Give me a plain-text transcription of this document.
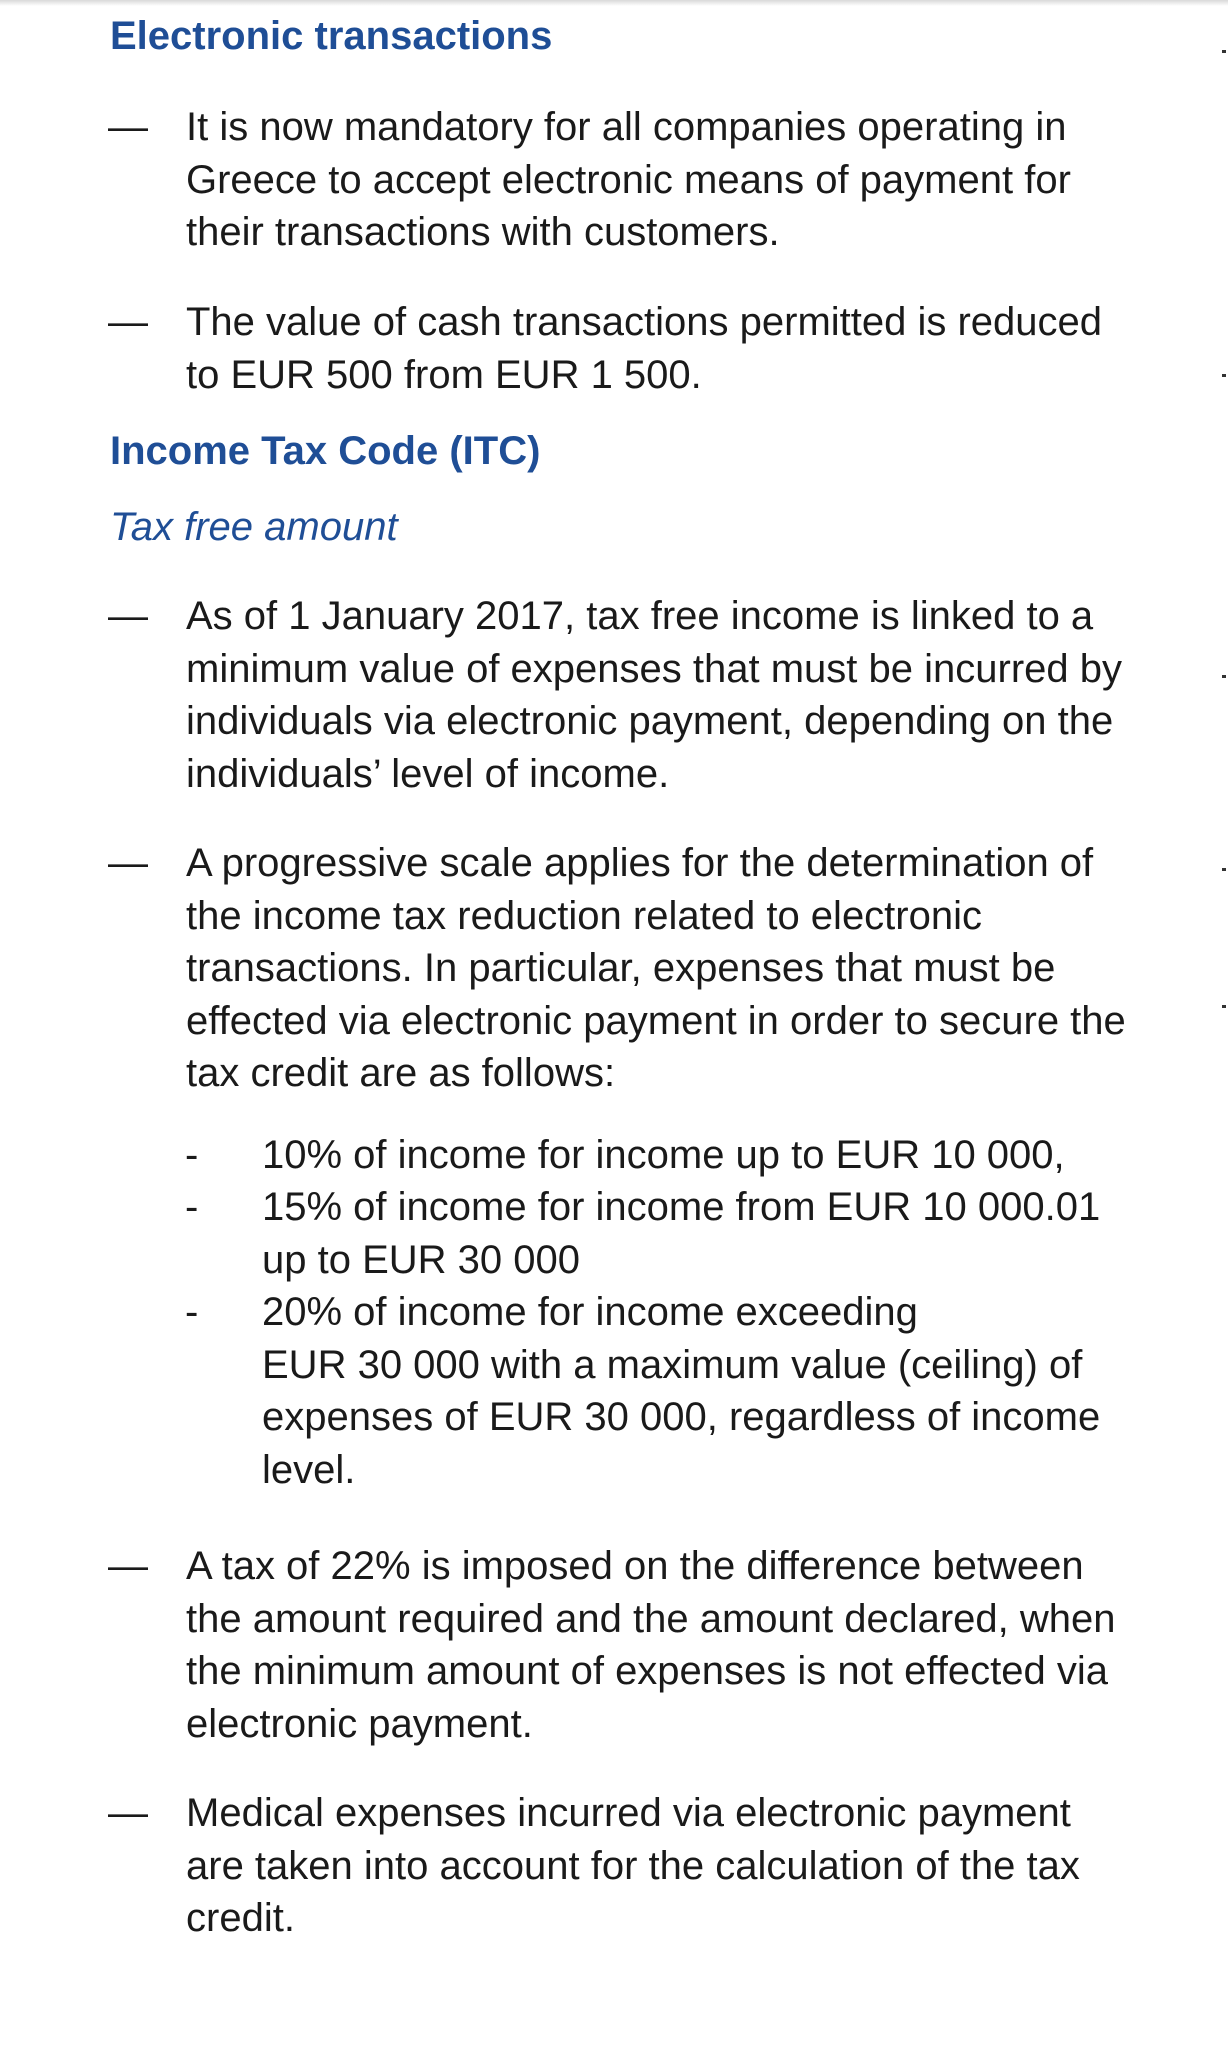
Electronic transactions
— It is now mandatory for all companies operating in
Greece to accept electronic means of payment for
their transactions with customers.
— The value of cash transactions permitted is reduced
to EUR 500 from EUR 1 500.
Income Tax Code (ITC)
Tax free amount
— As of 1 January 2017, tax free income is linked to a
minimum value of expenses that must be incurred by
individuals via electronic payment, depending on the
individuals’ level of income.
— A progressive scale applies for the determination of
the income tax reduction related to electronic
transactions. In particular, expenses that must be
effected via electronic payment in order to secure the
tax credit are as follows:
- 10% of income for income up to EUR 10 000,
- 15% of income for income from EUR 10 000.01
up to EUR 30 000
- 20% of income for income exceeding
EUR 30 000 with a maximum value (ceiling) of
expenses of EUR 30 000, regardless of income
level.
— A tax of 22% is imposed on the difference between
the amount required and the amount declared, when
the minimum amount of expenses is not effected via
electronic payment.
— Medical expenses incurred via electronic payment
are taken into account for the calculation of the tax
credit.
